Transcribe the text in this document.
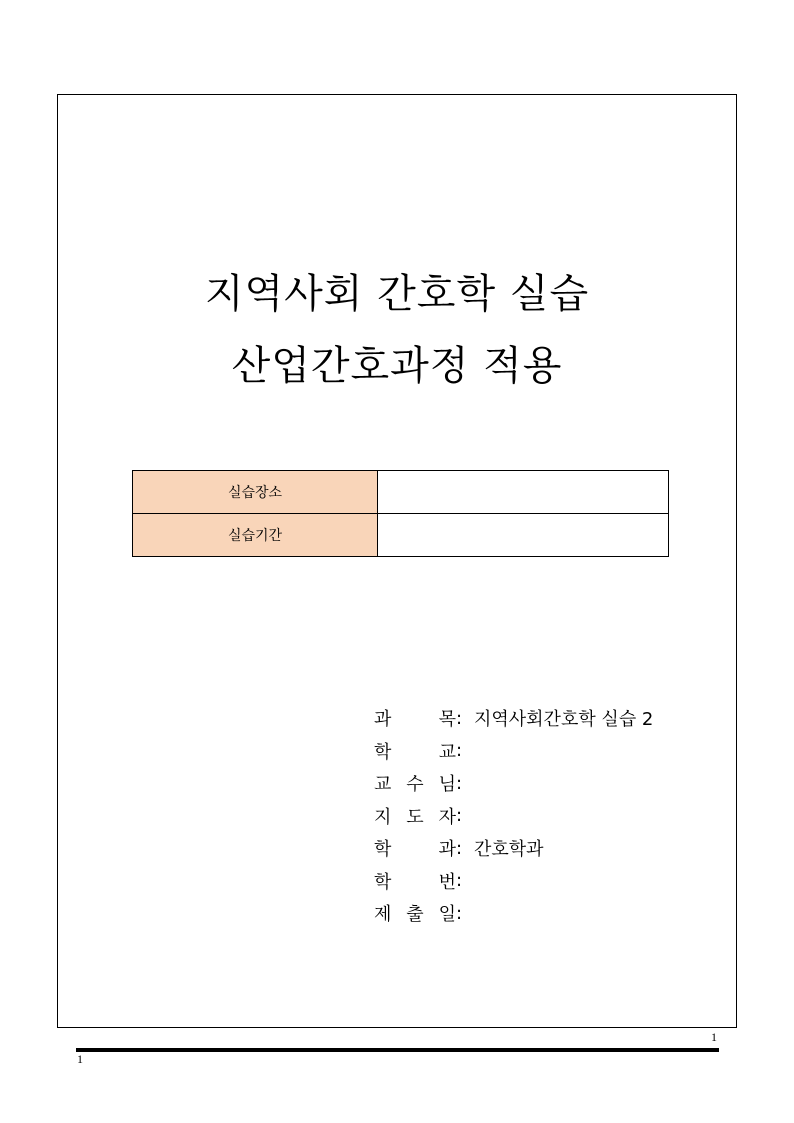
지역사회 간호학 실습
산업간호과정 적용
실습장소	
실습기간	
과	목 : 지역사회간호학 실습 2
학	교 :
교 수 님 :
지 도 자 :
학	과 : 간호학과
학	번 :
제 출 일 :
1
1
